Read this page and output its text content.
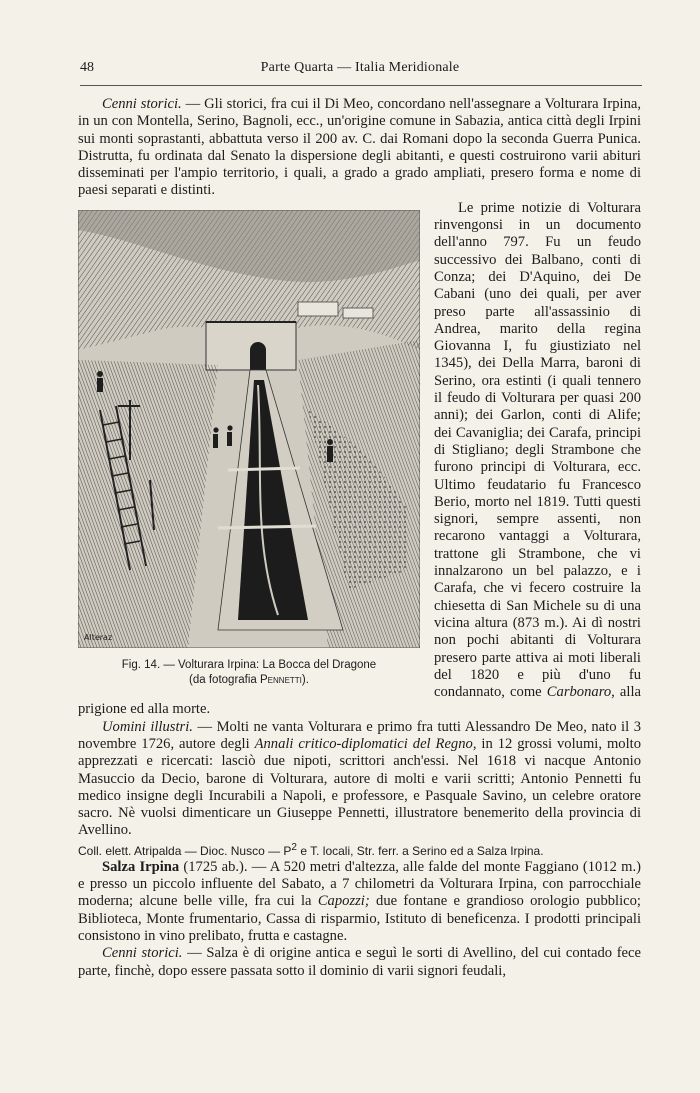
48	Parte Quarta — Italia Meridionale

Cenni storici. — Gli storici, fra cui il Di Meo, concordano nell'assegnare a Volturara Irpina, in un con Montella, Serino, Bagnoli, ecc., un'origine comune in Sabazia, antica città degli Irpini sui monti soprastanti, abbattuta verso il 200 av. C. dai Romani dopo la seconda Guerra Punica. Distrutta, fu ordinata dal Senato la dispersione degli abitanti, e questi costruirono varii abituri disseminati per l'ampio territorio, i quali, a grado a grado ampliati, presero forma e nome di paesi separati e distinti.

Alteraz
Fig. 14. — Volturara Irpina: La Bocca del Dragone
(da fotografia Pennetti).

Le prime notizie di Volturara rinvengonsi in un documento dell'anno 797. Fu un feudo successivo dei Balbano, conti di Conza; dei D'Aquino, dei De Cabani (uno dei quali, per aver preso parte all'assassinio di Andrea, marito della regina Giovanna I, fu giustiziato nel 1345), dei Della Marra, baroni di Serino, ora estinti (i quali tennero il feudo di Volturara per quasi 200 anni); dei Garlon, conti di Alife; dei Cavaniglia; dei Carafa, principi di Stigliano; degli Strambone che furono principi di Volturara, ecc. Ultimo feudatario fu Francesco Berio, morto nel 1819. Tutti questi signori, sempre assenti, non recarono vantaggi a Volturara, trattone gli Strambone, che vi innalzarono un bel palazzo, e i Carafa, che vi fecero costruire la chiesetta di San Michele su di una vicina altura (873 m.). Ai dì nostri non pochi abitanti di Volturara presero parte attiva ai moti liberali del 1820 e più d'uno fu condannato, come Carbonaro, alla prigione ed alla morte.

Uomini illustri. — Molti ne vanta Volturara e primo fra tutti Alessandro De Meo, nato il 3 novembre 1726, autore degli Annali critico-diplomatici del Regno, in 12 grossi volumi, molto apprezzati e ricercati: lasciò due nipoti, scrittori anch'essi. Nel 1618 vi nacque Antonio Masuccio da Decio, barone di Volturara, autore di molti e varii scritti; Antonio Pennetti fu medico insigne degli Incurabili a Napoli, e professore, e Pasquale Savino, un celebre oratore sacro. Nè vuolsi dimenticare un Giuseppe Pennetti, illustratore benemerito della provincia di Avellino.

Coll. elett. Atripalda — Dioc. Nusco — $P^2$ e T. locali, Str. ferr. a Serino ed a Salza Irpina.

Salza Irpina (1725 ab.). — A 520 metri d'altezza, alle falde del monte Faggiano (1012 m.) e presso un piccolo influente del Sabato, a 7 chilometri da Volturara Irpina, con parrocchiale moderna; alcune belle ville, fra cui la Capozzi; due fontane e grandioso orologio pubblico; Biblioteca, Monte frumentario, Cassa di risparmio, Istituto di beneficenza. I prodotti principali consistono in vino prelibato, frutta e castagne.

Cenni storici. — Salza è di origine antica e seguì le sorti di Avellino, del cui contado fece parte, finchè, dopo essere passata sotto il dominio di varii signori feudali,
